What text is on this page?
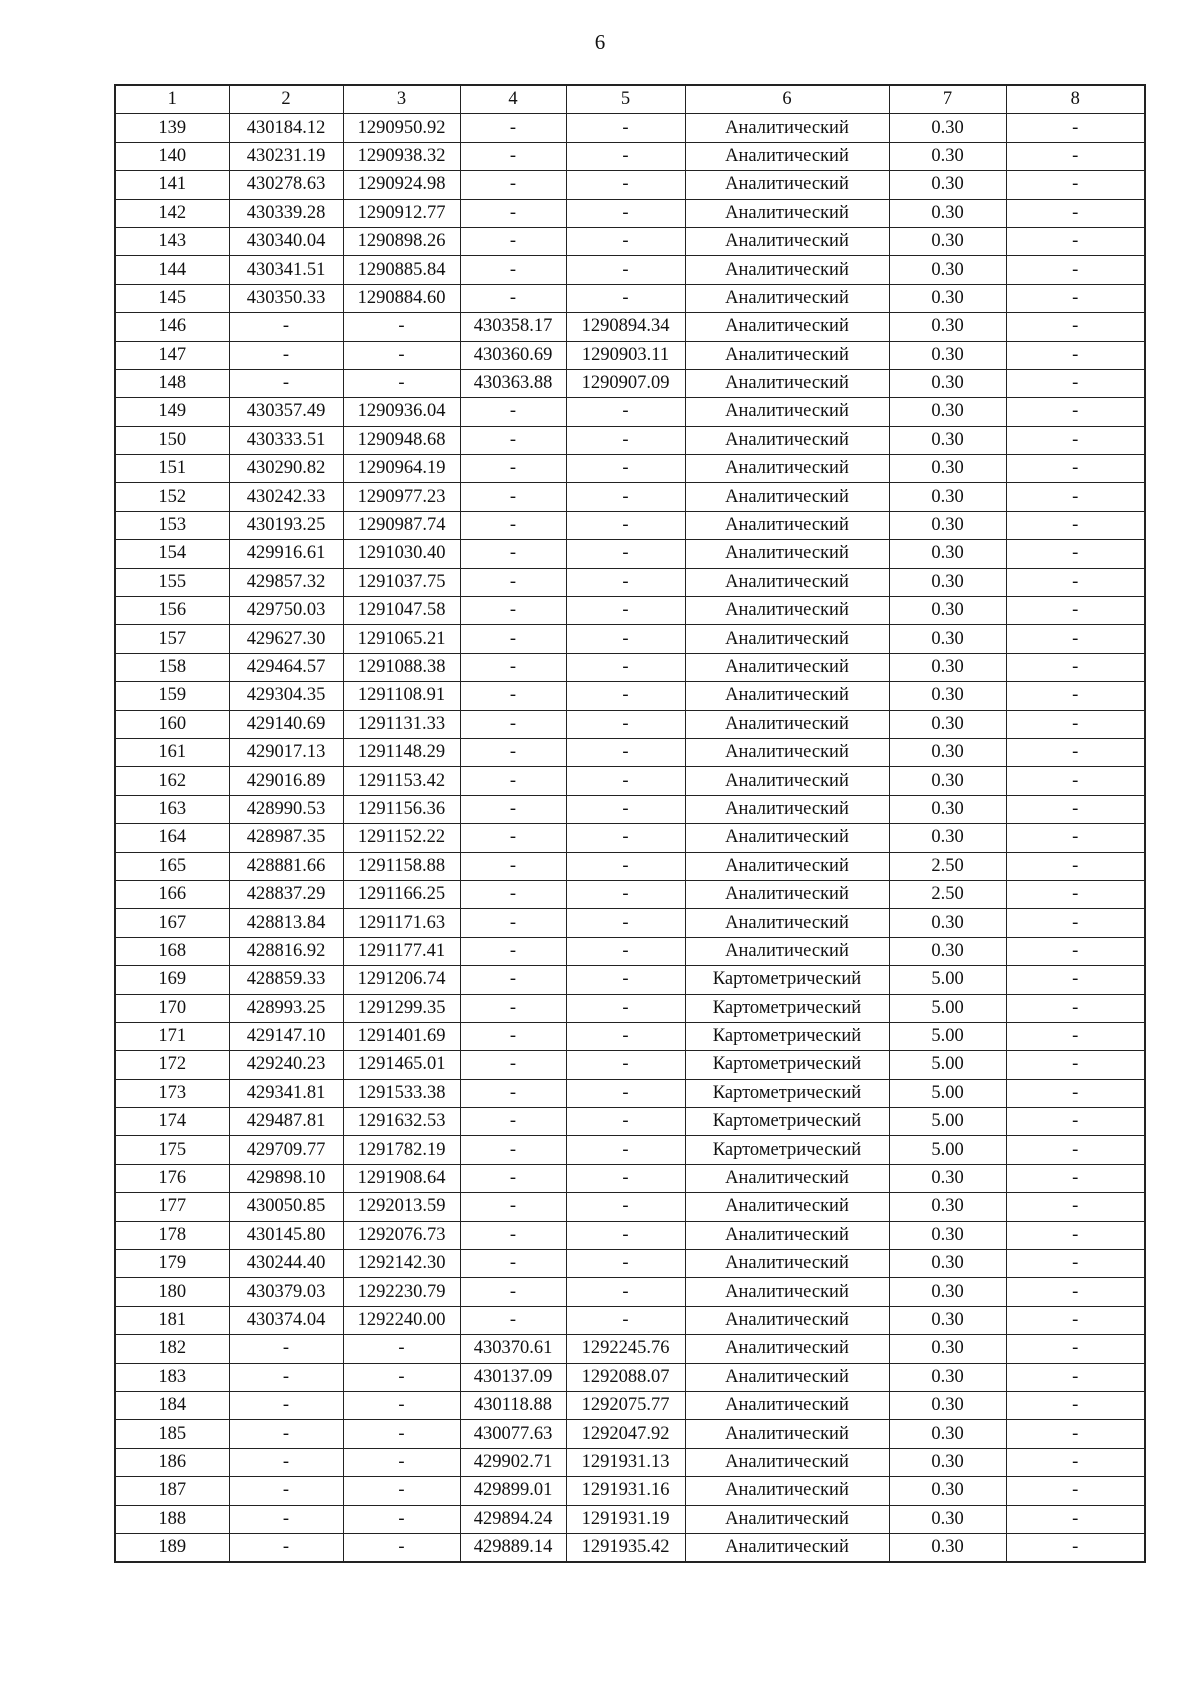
6
1	2	3	4	5	6	7	8
139	430184.12	1290950.92	-	-	Аналитический	0.30	-
140	430231.19	1290938.32	-	-	Аналитический	0.30	-
141	430278.63	1290924.98	-	-	Аналитический	0.30	-
142	430339.28	1290912.77	-	-	Аналитический	0.30	-
143	430340.04	1290898.26	-	-	Аналитический	0.30	-
144	430341.51	1290885.84	-	-	Аналитический	0.30	-
145	430350.33	1290884.60	-	-	Аналитический	0.30	-
146	-	-	430358.17	1290894.34	Аналитический	0.30	-
147	-	-	430360.69	1290903.11	Аналитический	0.30	-
148	-	-	430363.88	1290907.09	Аналитический	0.30	-
149	430357.49	1290936.04	-	-	Аналитический	0.30	-
150	430333.51	1290948.68	-	-	Аналитический	0.30	-
151	430290.82	1290964.19	-	-	Аналитический	0.30	-
152	430242.33	1290977.23	-	-	Аналитический	0.30	-
153	430193.25	1290987.74	-	-	Аналитический	0.30	-
154	429916.61	1291030.40	-	-	Аналитический	0.30	-
155	429857.32	1291037.75	-	-	Аналитический	0.30	-
156	429750.03	1291047.58	-	-	Аналитический	0.30	-
157	429627.30	1291065.21	-	-	Аналитический	0.30	-
158	429464.57	1291088.38	-	-	Аналитический	0.30	-
159	429304.35	1291108.91	-	-	Аналитический	0.30	-
160	429140.69	1291131.33	-	-	Аналитический	0.30	-
161	429017.13	1291148.29	-	-	Аналитический	0.30	-
162	429016.89	1291153.42	-	-	Аналитический	0.30	-
163	428990.53	1291156.36	-	-	Аналитический	0.30	-
164	428987.35	1291152.22	-	-	Аналитический	0.30	-
165	428881.66	1291158.88	-	-	Аналитический	2.50	-
166	428837.29	1291166.25	-	-	Аналитический	2.50	-
167	428813.84	1291171.63	-	-	Аналитический	0.30	-
168	428816.92	1291177.41	-	-	Аналитический	0.30	-
169	428859.33	1291206.74	-	-	Картометрический	5.00	-
170	428993.25	1291299.35	-	-	Картометрический	5.00	-
171	429147.10	1291401.69	-	-	Картометрический	5.00	-
172	429240.23	1291465.01	-	-	Картометрический	5.00	-
173	429341.81	1291533.38	-	-	Картометрический	5.00	-
174	429487.81	1291632.53	-	-	Картометрический	5.00	-
175	429709.77	1291782.19	-	-	Картометрический	5.00	-
176	429898.10	1291908.64	-	-	Аналитический	0.30	-
177	430050.85	1292013.59	-	-	Аналитический	0.30	-
178	430145.80	1292076.73	-	-	Аналитический	0.30	-
179	430244.40	1292142.30	-	-	Аналитический	0.30	-
180	430379.03	1292230.79	-	-	Аналитический	0.30	-
181	430374.04	1292240.00	-	-	Аналитический	0.30	-
182	-	-	430370.61	1292245.76	Аналитический	0.30	-
183	-	-	430137.09	1292088.07	Аналитический	0.30	-
184	-	-	430118.88	1292075.77	Аналитический	0.30	-
185	-	-	430077.63	1292047.92	Аналитический	0.30	-
186	-	-	429902.71	1291931.13	Аналитический	0.30	-
187	-	-	429899.01	1291931.16	Аналитический	0.30	-
188	-	-	429894.24	1291931.19	Аналитический	0.30	-
189	-	-	429889.14	1291935.42	Аналитический	0.30	-
